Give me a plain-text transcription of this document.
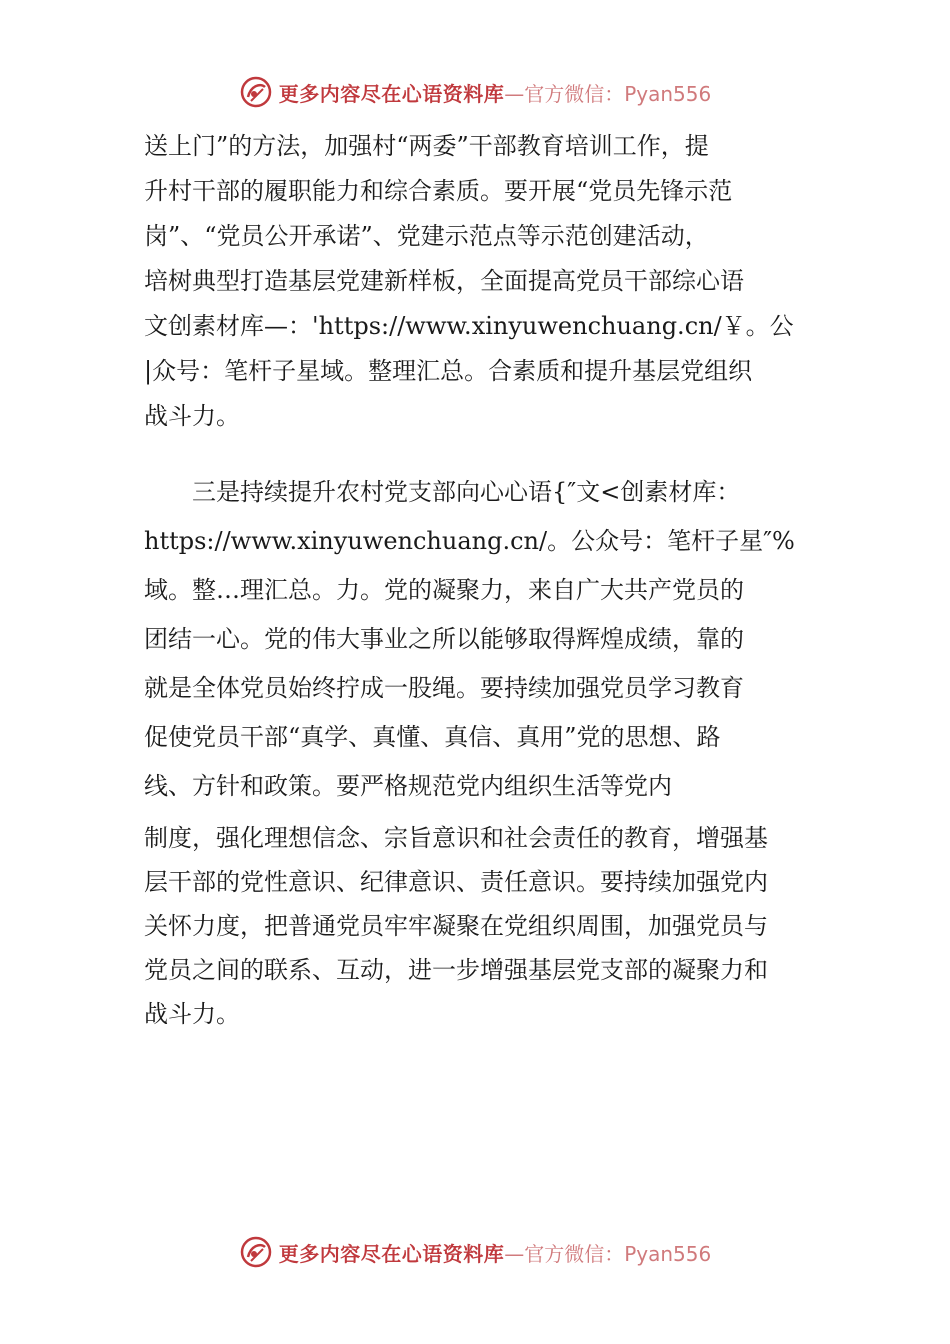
更多内容尽在心语资料库 —官方微信：Pyan556
送上门”的方法，加强村“两委”干部教育培训工作，提
升村干部的履职能力和综合素质。要开展“党员先锋示范
岗”、“党员公开承诺”、党建示范点等示范创建活动，
培树典型打造基层党建新样板，全面提高党员干部综心语
文创素材库—：'https://www.xinyuwenchuang.cn/￥。公
|众号：笔杆子星域。整理汇总。合素质和提升基层党组织
战斗力。
　　三是持续提升农村党支部向心心语{″文<创素材库：
https://www.xinyuwenchuang.cn/。公众号：笔杆子星″%
域。整…理汇总。力。党的凝聚力，来自广大共产党员的
团结一心。党的伟大事业之所以能够取得辉煌成绩，靠的
就是全体党员始终拧成一股绳。要持续加强党员学习教育
促使党员干部“真学、真懂、真信、真用”党的思想、路
线、方针和政策。要严格规范党内组织生活等党内
制度，强化理想信念、宗旨意识和社会责任的教育，增强基
层干部的党性意识、纪律意识、责任意识。要持续加强党内
关怀力度，把普通党员牢牢凝聚在党组织周围，加强党员与
党员之间的联系、互动，进一步增强基层党支部的凝聚力和
战斗力。
更多内容尽在心语资料库 —官方微信：Pyan556
